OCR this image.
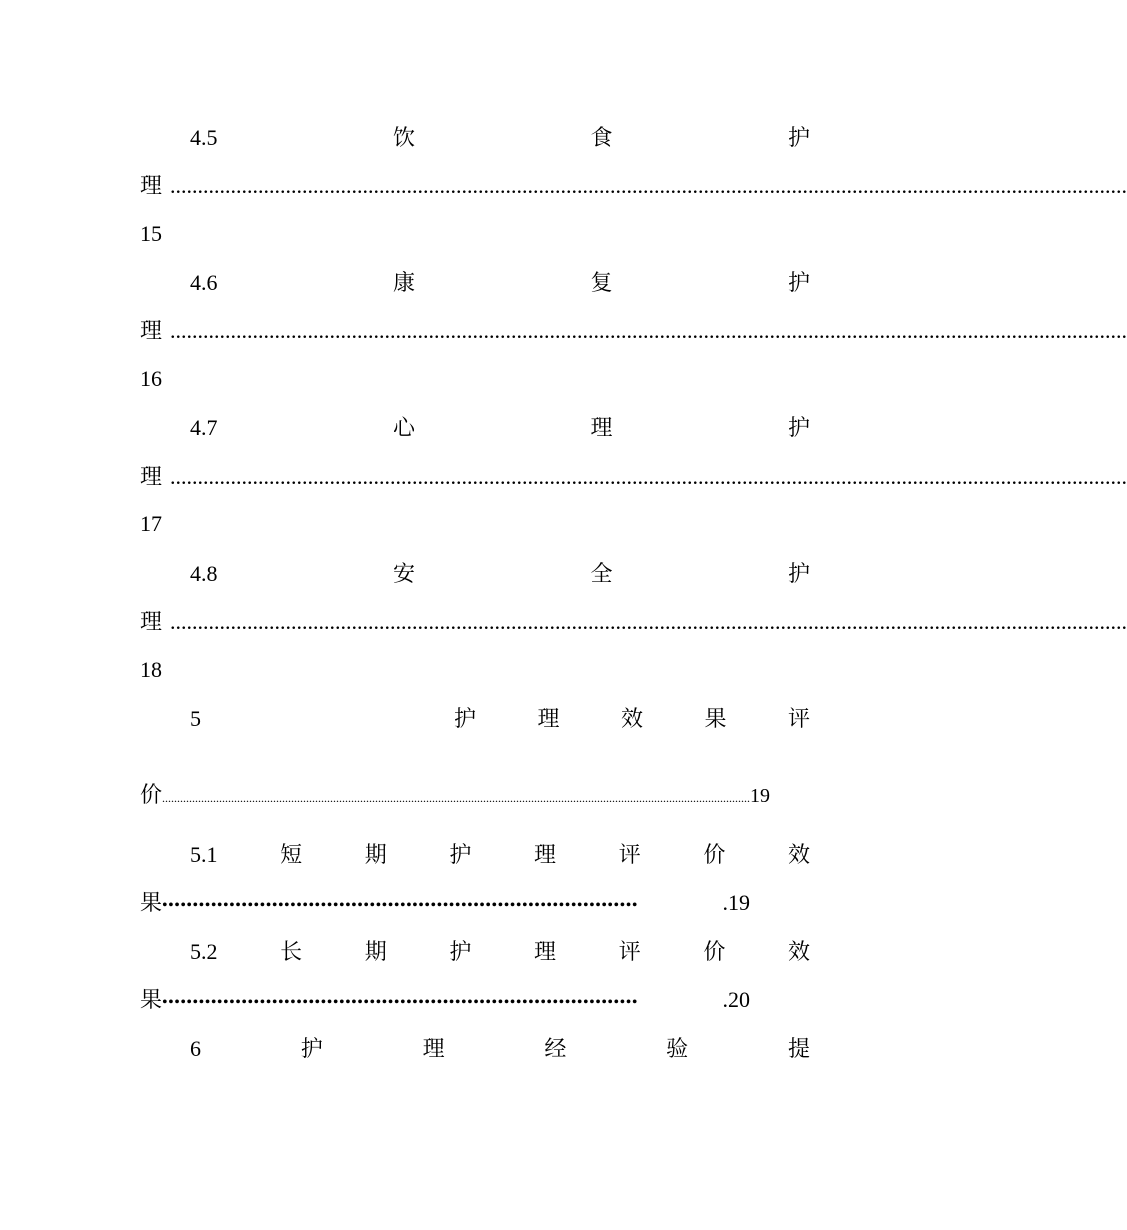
4.5	饮	食	护
理 ..............................................................................................................................................................................
15
4.6	康	复	护
理 ..............................................................................................................................................................................
16
4.7	心	理	护
理 ..............................................................................................................................................................................
17
4.8	安	全	护
理 ..............................................................................................................................................................................
18
5	护	理	效	果	评
价 .................................................................................................................................................................................................... 19
5.1	短	期	护	理	评	价	效
果 ••••••••••••••••••••••••••••••••••••••••••••••••••••••••••••••••••••••••••••••	.19
5.2	长	期	护	理	评	价	效
果 ••••••••••••••••••••••••••••••••••••••••••••••••••••••••••••••••••••••••••••••	.20
6	护	理	经	验	提
